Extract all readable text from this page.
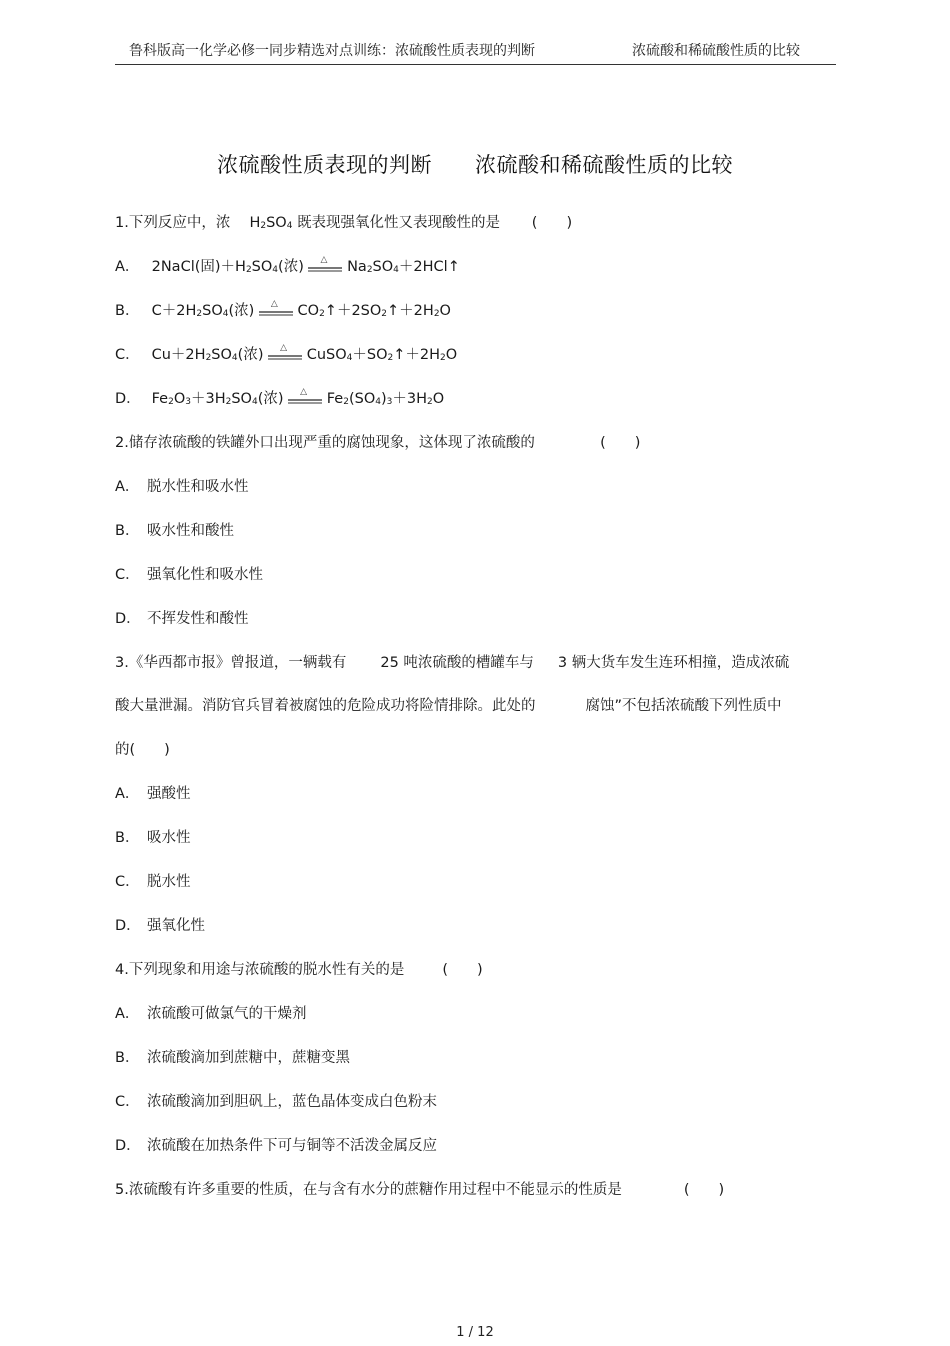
鲁科版高一化学必修一同步精选对点训练：浓硫酸性质表现的判断	浓硫酸和稀硫酸性质的比较
浓硫酸性质表现的判断　　浓硫酸和稀硫酸性质的比较
1.下列反应中，浓　 $H_2SO_4$ 既表现强氧化性又表现酸性的是　  (　　)
A． 2NaCl(固)$+H_2SO_4$(浓) △ $Na_2SO_4+2HCl↑$
B． $C+2H_2SO_4$(浓) △ $CO_2↑+2SO_2↑+2H_2O$
C． $Cu+2H_2SO_4$(浓) △ $CuSO_4+SO_2↑+2H_2O$
D． $Fe_2O_3+3H_2SO_4$(浓) △ $Fe_2(SO_4)_3+3H_2O$
2.储存浓硫酸的铁罐外口出现严重的腐蚀现象，这体现了浓硫酸的	(　　)
A． 脱水性和吸水性
B． 吸水性和酸性
C． 强氧化性和吸水性
D． 不挥发性和酸性
3.《华西都市报》曾报道，一辆载有 25 吨浓硫酸的槽罐车与 3 辆大货车发生连环相撞，造成浓硫
酸大量泄漏。消防官兵冒着被腐蚀的危险成功将险情排除。此处的	腐蚀”不包括浓硫酸下列性质中
的(　　)
A． 强酸性
B． 吸水性
C． 脱水性
D． 强氧化性
4.下列现象和用途与浓硫酸的脱水性有关的是	(　　)
A． 浓硫酸可做氯气的干燥剂
B． 浓硫酸滴加到蔗糖中，蔗糖变黑
C． 浓硫酸滴加到胆矾上，蓝色晶体变成白色粉末
D． 浓硫酸在加热条件下可与铜等不活泼金属反应
5.浓硫酸有许多重要的性质，在与含有水分的蔗糖作用过程中不能显示的性质是	(　　)
1 / 12
